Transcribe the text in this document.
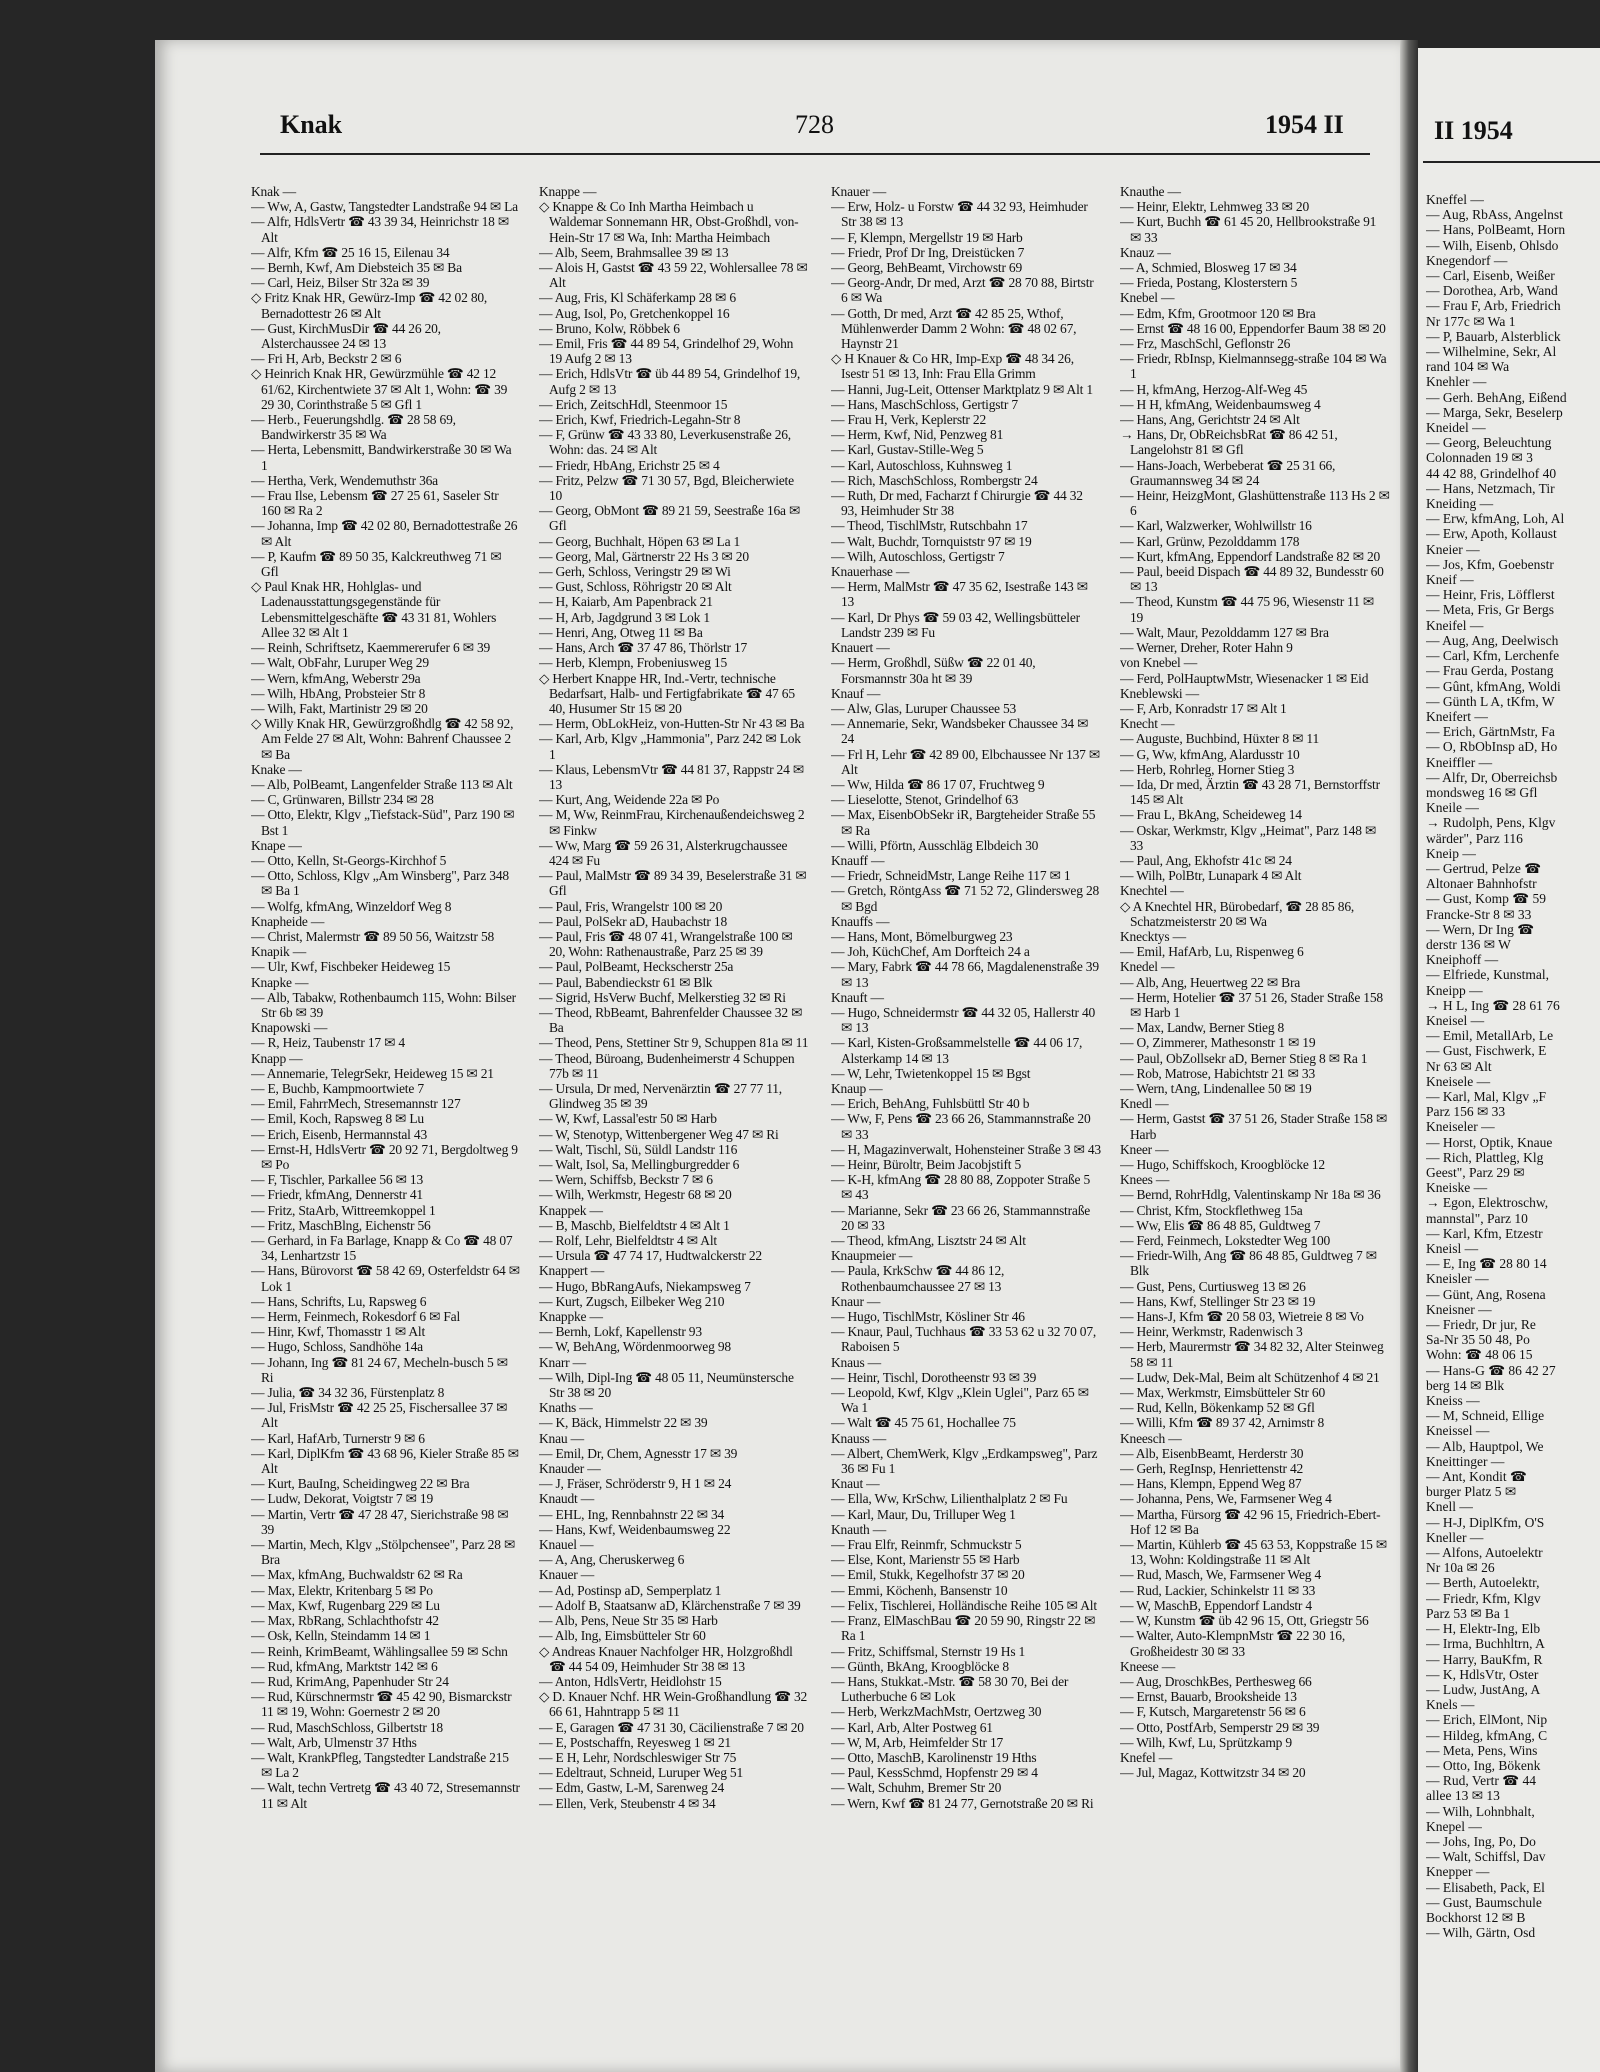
Knak	728	1954 II
Knak —
— Ww, A, Gastw, Tangstedter Landstraße 94 ✉ La
— Alfr, HdlsVertr ☎ 43 39 34, Heinrichstr 18 ✉ Alt
— Alfr, Kfm ☎ 25 16 15, Eilenau 34
— Bernh, Kwf, Am Diebsteich 35 ✉ Ba
— Carl, Heiz, Bilser Str 32a ✉ 39
◇ Fritz Knak HR, Gewürz-Imp ☎ 42 02 80, Bernadottestr 26 ✉ Alt
— Gust, KirchMusDir ☎ 44 26 20, Alsterchaussee 24 ✉ 13
— Fri H, Arb, Beckstr 2 ✉ 6
◇ Heinrich Knak HR, Gewürzmühle ☎ 42 12 61/62, Kirchentwiete 37 ✉ Alt 1, Wohn: ☎ 39 29 30, Corinthstraße 5 ✉ Gfl 1
— Herb., Feuerungshdlg. ☎ 28 58 69, Bandwirkerstr 35 ✉ Wa
— Herta, Lebensmitt, Bandwirkerstraße 30 ✉ Wa 1
— Hertha, Verk, Wendemuthstr 36a
— Frau Ilse, Lebensm ☎ 27 25 61, Saseler Str 160 ✉ Ra 2
— Johanna, Imp ☎ 42 02 80, Bernadottestraße 26 ✉ Alt
— P, Kaufm ☎ 89 50 35, Kalckreuthweg 71 ✉ Gfl
◇ Paul Knak HR, Hohlglas- und Ladenausstattungsgegenstände für Lebensmittelgeschäfte ☎ 43 31 81, Wohlers Allee 32 ✉ Alt 1
— Reinh, Schriftsetz, Kaemmererufer 6 ✉ 39
— Walt, ObFahr, Luruper Weg 29
— Wern, kfmAng, Weberstr 29a
— Wilh, HbAng, Probsteier Str 8
— Wilh, Fakt, Martinistr 29 ✉ 20
◇ Willy Knak HR, Gewürzgroßhdlg ☎ 42 58 92, Am Felde 27 ✉ Alt, Wohn: Bahrenf Chaussee 2 ✉ Ba
Knake —
— Alb, PolBeamt, Langenfelder Straße 113 ✉ Alt
— C, Grünwaren, Billstr 234 ✉ 28
— Otto, Elektr, Klgv „Tiefstack-Süd", Parz 190 ✉ Bst 1
Knape —
— Otto, Kelln, St-Georgs-Kirchhof 5
— Otto, Schloss, Klgv „Am Winsberg", Parz 348 ✉ Ba 1
— Wolfg, kfmAng, Winzeldorf Weg 8
Knapheide —
— Christ, Malermstr ☎ 89 50 56, Waitzstr 58
Knapik —
— Ulr, Kwf, Fischbeker Heideweg 15
Knapke —
— Alb, Tabakw, Rothenbaumch 115, Wohn: Bilser Str 6b ✉ 39
Knapowski —
— R, Heiz, Taubenstr 17 ✉ 4
Knapp —
— Annemarie, TelegrSekr, Heideweg 15 ✉ 21
— E, Buchb, Kampmoortwiete 7
— Emil, FahrrMech, Stresemannstr 127
— Emil, Koch, Rapsweg 8 ✉ Lu
— Erich, Eisenb, Hermannstal 43
— Ernst-H, HdlsVertr ☎ 20 92 71, Bergdoltweg 9 ✉ Po
— F, Tischler, Parkallee 56 ✉ 13
— Friedr, kfmAng, Dennerstr 41
— Fritz, StaArb, Wittreemkoppel 1
— Fritz, MaschBlng, Eichenstr 56
— Gerhard, in Fa Barlage, Knapp & Co ☎ 48 07 34, Lenhartzstr 15
— Hans, Bürovorst ☎ 58 42 69, Osterfeldstr 64 ✉ Lok 1
— Hans, Schrifts, Lu, Rapsweg 6
— Herm, Feinmech, Rokesdorf 6 ✉ Fal
— Hinr, Kwf, Thomasstr 1 ✉ Alt
— Hugo, Schloss, Sandhöhe 14a
— Johann, Ing ☎ 81 24 67, Mecheln-busch 5 ✉ Ri
— Julia, ☎ 34 32 36, Fürstenplatz 8
— Jul, FrisMstr ☎ 42 25 25, Fischersallee 37 ✉ Alt
— Karl, HafArb, Turnerstr 9 ✉ 6
— Karl, DiplKfm ☎ 43 68 96, Kieler Straße 85 ✉ Alt
— Kurt, BauIng, Scheidingweg 22 ✉ Bra
— Ludw, Dekorat, Voigtstr 7 ✉ 19
— Martin, Vertr ☎ 47 28 47, Sierichstraße 98 ✉ 39
— Martin, Mech, Klgv „Stölpchensee", Parz 28 ✉ Bra
— Max, kfmAng, Buchwaldstr 62 ✉ Ra
— Max, Elektr, Kritenbarg 5 ✉ Po
— Max, Kwf, Rugenbarg 229 ✉ Lu
— Max, RbRang, Schlachthofstr 42
— Osk, Kelln, Steindamm 14 ✉ 1
— Reinh, KrimBeamt, Wählingsallee 59 ✉ Schn
— Rud, kfmAng, Marktstr 142 ✉ 6
— Rud, KrimAng, Papenhuder Str 24
— Rud, Kürschnermstr ☎ 45 42 90, Bismarckstr 11 ✉ 19, Wohn: Goernestr 2 ✉ 20
— Rud, MaschSchloss, Gilbertstr 18
— Walt, Arb, Ulmenstr 37 Hths
— Walt, KrankPfleg, Tangstedter Landstraße 215 ✉ La 2
— Walt, techn Vertretg ☎ 43 40 72, Stresemannstr 11 ✉ Alt
Knappe —
◇ Knappe & Co Inh Martha Heimbach u Waldemar Sonnemann HR, Obst-Großhdl, von-Hein-Str 17 ✉ Wa, Inh: Martha Heimbach
— Alb, Seem, Brahmsallee 39 ✉ 13
— Alois H, Gastst ☎ 43 59 22, Wohlersallee 78 ✉ Alt
— Aug, Fris, Kl Schäferkamp 28 ✉ 6
— Aug, Isol, Po, Gretchenkoppel 16
— Bruno, Kolw, Röbbek 6
— Emil, Fris ☎ 44 89 54, Grindelhof 29, Wohn 19 Aufg 2 ✉ 13
— Erich, HdlsVtr ☎ üb 44 89 54, Grindelhof 19, Aufg 2 ✉ 13
— Erich, ZeitschHdl, Steenmoor 15
— Erich, Kwf, Friedrich-Legahn-Str 8
— F, Grünw ☎ 43 33 80, Leverkusenstraße 26, Wohn: das. 24 ✉ Alt
— Friedr, HbAng, Erichstr 25 ✉ 4
— Fritz, Pelzw ☎ 71 30 57, Bgd, Bleicherwiete 10
— Georg, ObMont ☎ 89 21 59, Seestraße 16a ✉ Gfl
— Georg, Buchhalt, Höpen 63 ✉ La 1
— Georg, Mal, Gärtnerstr 22 Hs 3 ✉ 20
— Gerh, Schloss, Veringstr 29 ✉ Wi
— Gust, Schloss, Röhrigstr 20 ✉ Alt
— H, Kaiarb, Am Papenbrack 21
— H, Arb, Jagdgrund 3 ✉ Lok 1
— Henri, Ang, Otweg 11 ✉ Ba
— Hans, Arch ☎ 37 47 86, Thörlstr 17
— Herb, Klempn, Frobeniusweg 15
◇ Herbert Knappe HR, Ind.-Vertr, technische Bedarfsart, Halb- und Fertigfabrikate ☎ 47 65 40, Husumer Str 15 ✉ 20
— Herm, ObLokHeiz, von-Hutten-Str Nr 43 ✉ Ba
— Karl, Arb, Klgv „Hammonia", Parz 242 ✉ Lok 1
— Klaus, LebensmVtr ☎ 44 81 37, Rappstr 24 ✉ 13
— Kurt, Ang, Weidende 22a ✉ Po
— M, Ww, ReinmFrau, Kirchenaußendeichsweg 2 ✉ Finkw
— Ww, Marg ☎ 59 26 31, Alsterkrugchaussee 424 ✉ Fu
— Paul, MalMstr ☎ 89 34 39, Beselerstraße 31 ✉ Gfl
— Paul, Fris, Wrangelstr 100 ✉ 20
— Paul, PolSekr aD, Haubachstr 18
— Paul, Fris ☎ 48 07 41, Wrangelstraße 100 ✉ 20, Wohn: Rathenaustraße, Parz 25 ✉ 39
— Paul, PolBeamt, Heckscherstr 25a
— Paul, Babendieckstr 61 ✉ Blk
— Sigrid, HsVerw Buchf, Melkerstieg 32 ✉ Ri
— Theod, RbBeamt, Bahrenfelder Chaussee 32 ✉ Ba
— Theod, Pens, Stettiner Str 9, Schuppen 81a ✉ 11
— Theod, Büroang, Budenheimerstr 4 Schuppen 77b ✉ 11
— Ursula, Dr med, Nervenärztin ☎ 27 77 11, Glindweg 35 ✉ 39
— W, Kwf, Lassal'estr 50 ✉ Harb
— W, Stenotyp, Wittenbergener Weg 47 ✉ Ri
— Walt, Tischl, Sü, Süldl Landstr 116
— Walt, Isol, Sa, Mellingburgredder 6
— Wern, Schiffsb, Beckstr 7 ✉ 6
— Wilh, Werkmstr, Hegestr 68 ✉ 20
Knappek —
— B, Maschb, Bielfeldtstr 4 ✉ Alt 1
— Rolf, Lehr, Bielfeldtstr 4 ✉ Alt
— Ursula ☎ 47 74 17, Hudtwalckerstr 22
Knappert —
— Hugo, BbRangAufs, Niekampsweg 7
— Kurt, Zugsch, Eilbeker Weg 210
Knappke —
— Bernh, Lokf, Kapellenstr 93
— W, BehAng, Wördenmoorweg 98
Knarr —
— Wilh, Dipl-Ing ☎ 48 05 11, Neumünstersche Str 38 ✉ 20
Knaths —
— K, Bäck, Himmelstr 22 ✉ 39
Knau —
— Emil, Dr, Chem, Agnesstr 17 ✉ 39
Knauder —
— J, Fräser, Schröderstr 9, H 1 ✉ 24
Knaudt —
— EHL, Ing, Rennbahnstr 22 ✉ 34
— Hans, Kwf, Weidenbaumsweg 22
Knauel —
— A, Ang, Cheruskerweg 6
Knauer —
— Ad, Postinsp aD, Semperplatz 1
— Adolf B, Staatsanw aD, Klärchenstraße 7 ✉ 39
— Alb, Pens, Neue Str 35 ✉ Harb
— Alb, Ing, Eimsbütteler Str 60
◇ Andreas Knauer Nachfolger HR, Holzgroßhdl ☎ 44 54 09, Heimhuder Str 38 ✉ 13
— Anton, HdlsVertr, Heidlohstr 15
◇ D. Knauer Nchf. HR Wein-Großhandlung ☎ 32 66 61, Hahntrapp 5 ✉ 11
— E, Garagen ☎ 47 31 30, Cäcilienstraße 7 ✉ 20
— E, Postschaffn, Reyesweg 1 ✉ 21
— E H, Lehr, Nordschleswiger Str 75
— Edeltraut, Schneid, Luruper Weg 51
— Edm, Gastw, L-M, Sarenweg 24
— Ellen, Verk, Steubenstr 4 ✉ 34
Knauer —
— Erw, Holz- u Forstw ☎ 44 32 93, Heimhuder Str 38 ✉ 13
— F, Klempn, Mergellstr 19 ✉ Harb
— Friedr, Prof Dr Ing, Dreistücken 7
— Georg, BehBeamt, Virchowstr 69
— Georg-Andr, Dr med, Arzt ☎ 28 70 88, Birtstr 6 ✉ Wa
— Gotth, Dr med, Arzt ☎ 42 85 25, Wthof, Mühlenwerder Damm 2 Wohn: ☎ 48 02 67, Haynstr 21
◇ H Knauer & Co HR, Imp-Exp ☎ 48 34 26, Isestr 51 ✉ 13, Inh: Frau Ella Grimm
— Hanni, Jug-Leit, Ottenser Marktplatz 9 ✉ Alt 1
— Hans, MaschSchloss, Gertigstr 7
— Frau H, Verk, Keplerstr 22
— Herm, Kwf, Nid, Penzweg 81
— Karl, Gustav-Stille-Weg 5
— Karl, Autoschloss, Kuhnsweg 1
— Rich, MaschSchloss, Rombergstr 24
— Ruth, Dr med, Facharzt f Chirurgie ☎ 44 32 93, Heimhuder Str 38
— Theod, TischlMstr, Rutschbahn 17
— Walt, Buchdr, Tornquiststr 97 ✉ 19
— Wilh, Autoschloss, Gertigstr 7
Knauerhase —
— Herm, MalMstr ☎ 47 35 62, Isestraße 143 ✉ 13
— Karl, Dr Phys ☎ 59 03 42, Wellingsbütteler Landstr 239 ✉ Fu
Knauert —
— Herm, Großhdl, Süßw ☎ 22 01 40, Forsmannstr 30a ht ✉ 39
Knauf —
— Alw, Glas, Luruper Chaussee 53
— Annemarie, Sekr, Wandsbeker Chaussee 34 ✉ 24
— Frl H, Lehr ☎ 42 89 00, Elbchaussee Nr 137 ✉ Alt
— Ww, Hilda ☎ 86 17 07, Fruchtweg 9
— Lieselotte, Stenot, Grindelhof 63
— Max, EisenbObSekr iR, Bargteheider Straße 55 ✉ Ra
— Willi, Pförtn, Ausschläg Elbdeich 30
Knauff —
— Friedr, SchneidMstr, Lange Reihe 117 ✉ 1
— Gretch, RöntgAss ☎ 71 52 72, Glindersweg 28 ✉ Bgd
Knauffs —
— Hans, Mont, Bömelburgweg 23
— Joh, KüchChef, Am Dorfteich 24 a
— Mary, Fabrk ☎ 44 78 66, Magdalenenstraße 39 ✉ 13
Knauft —
— Hugo, Schneidermstr ☎ 44 32 05, Hallerstr 40 ✉ 13
— Karl, Kisten-Großsammelstelle ☎ 44 06 17, Alsterkamp 14 ✉ 13
— W, Lehr, Twietenkoppel 15 ✉ Bgst
Knaup —
— Erich, BehAng, Fuhlsbüttl Str 40 b
— Ww, F, Pens ☎ 23 66 26, Stammannstraße 20 ✉ 33
— H, Magazinverwalt, Hohensteiner Straße 3 ✉ 43
— Heinr, Büroltr, Beim Jacobjstift 5
— K-H, kfmAng ☎ 28 80 88, Zoppoter Straße 5 ✉ 43
— Marianne, Sekr ☎ 23 66 26, Stammannstraße 20 ✉ 33
— Theod, kfmAng, Lisztstr 24 ✉ Alt
Knaupmeier —
— Paula, KrkSchw ☎ 44 86 12, Rothenbaumchaussee 27 ✉ 13
Knaur —
— Hugo, TischlMstr, Kösliner Str 46
— Knaur, Paul, Tuchhaus ☎ 33 53 62 u 32 70 07, Raboisen 5
Knaus —
— Heinr, Tischl, Dorotheenstr 93 ✉ 39
— Leopold, Kwf, Klgv „Klein Uglei", Parz 65 ✉ Wa 1
— Walt ☎ 45 75 61, Hochallee 75
Knauss —
— Albert, ChemWerk, Klgv „Erdkampsweg", Parz 36 ✉ Fu 1
Knaut —
— Ella, Ww, KrSchw, Lilienthalplatz 2 ✉ Fu
— Karl, Maur, Du, Trilluper Weg 1
Knauth —
— Frau Elfr, Reinmfr, Schmuckstr 5
— Else, Kont, Marienstr 55 ✉ Harb
— Emil, Stukk, Kegelhofstr 37 ✉ 20
— Emmi, Köchenh, Bansenstr 10
— Felix, Tischlerei, Holländische Reihe 105 ✉ Alt
— Franz, ElMaschBau ☎ 20 59 90, Ringstr 22 ✉ Ra 1
— Fritz, Schiffsmal, Sternstr 19 Hs 1
— Günth, BkAng, Kroogblöcke 8
— Hans, Stukkat.-Mstr. ☎ 58 30 70, Bei der Lutherbuche 6 ✉ Lok
— Herb, WerkzMachMstr, Oertzweg 30
— Karl, Arb, Alter Postweg 61
— W, M, Arb, Heimfelder Str 17
— Otto, MaschB, Karolinenstr 19 Hths
— Paul, KessSchmd, Hopfenstr 29 ✉ 4
— Walt, Schuhm, Bremer Str 20
— Wern, Kwf ☎ 81 24 77, Gernotstraße 20 ✉ Ri
Knauthe —
— Heinr, Elektr, Lehmweg 33 ✉ 20
— Kurt, Buchh ☎ 61 45 20, Hellbrookstraße 91 ✉ 33
Knauz —
— A, Schmied, Blosweg 17 ✉ 34
— Frieda, Postang, Klosterstern 5
Knebel —
— Edm, Kfm, Grootmoor 120 ✉ Bra
— Ernst ☎ 48 16 00, Eppendorfer Baum 38 ✉ 20
— Frz, MaschSchl, Geflonstr 26
— Friedr, RbInsp, Kielmannsegg-straße 104 ✉ Wa 1
— H, kfmAng, Herzog-Alf-Weg 45
— H H, kfmAng, Weidenbaumsweg 4
— Hans, Ang, Gerichtstr 24 ✉ Alt
→ Hans, Dr, ObReichsbRat ☎ 86 42 51, Langelohstr 81 ✉ Gfl
— Hans-Joach, Werbeberat ☎ 25 31 66, Graumannsweg 34 ✉ 24
— Heinr, HeizgMont, Glashüttenstraße 113 Hs 2 ✉ 6
— Karl, Walzwerker, Wohlwillstr 16
— Karl, Grünw, Pezolddamm 178
— Kurt, kfmAng, Eppendorf Landstraße 82 ✉ 20
— Paul, beeid Dispach ☎ 44 89 32, Bundesstr 60 ✉ 13
— Theod, Kunstm ☎ 44 75 96, Wiesenstr 11 ✉ 19
— Walt, Maur, Pezolddamm 127 ✉ Bra
— Werner, Dreher, Roter Hahn 9
von Knebel —
— Ferd, PolHauptwMstr, Wiesenacker 1 ✉ Eid
Kneblewski —
— F, Arb, Konradstr 17 ✉ Alt 1
Knecht —
— Auguste, Buchbind, Hüxter 8 ✉ 11
— G, Ww, kfmAng, Alardusstr 10
— Herb, Rohrleg, Horner Stieg 3
— Ida, Dr med, Ärztin ☎ 43 28 71, Bernstorffstr 145 ✉ Alt
— Frau L, BkAng, Scheideweg 14
— Oskar, Werkmstr, Klgv „Heimat", Parz 148 ✉ 33
— Paul, Ang, Ekhofstr 41c ✉ 24
— Wilh, PolBtr, Lunapark 4 ✉ Alt
Knechtel —
◇ A Knechtel HR, Bürobedarf, ☎ 28 85 86, Schatzmeisterstr 20 ✉ Wa
Knecktys —
— Emil, HafArb, Lu, Rispenweg 6
Knedel —
— Alb, Ang, Heuertweg 22 ✉ Bra
— Herm, Hotelier ☎ 37 51 26, Stader Straße 158 ✉ Harb 1
— Max, Landw, Berner Stieg 8
— O, Zimmerer, Mathesonstr 1 ✉ 19
— Paul, ObZollsekr aD, Berner Stieg 8 ✉ Ra 1
— Rob, Matrose, Habichtstr 21 ✉ 33
— Wern, tAng, Lindenallee 50 ✉ 19
Knedl —
— Herm, Gastst ☎ 37 51 26, Stader Straße 158 ✉ Harb
Kneer —
— Hugo, Schiffskoch, Kroogblöcke 12
Knees —
— Bernd, RohrHdlg, Valentinskamp Nr 18a ✉ 36
— Christ, Kfm, Stockflethweg 15a
— Ww, Elis ☎ 86 48 85, Guldtweg 7
— Ferd, Feinmech, Lokstedter Weg 100
— Friedr-Wilh, Ang ☎ 86 48 85, Guldtweg 7 ✉ Blk
— Gust, Pens, Curtiusweg 13 ✉ 26
— Hans, Kwf, Stellinger Str 23 ✉ 19
— Hans-J, Kfm ☎ 20 58 03, Wietreie 8 ✉ Vo
— Heinr, Werkmstr, Radenwisch 3
— Herb, Maurermstr ☎ 34 82 32, Alter Steinweg 58 ✉ 11
— Ludw, Dek-Mal, Beim alt Schützenhof 4 ✉ 21
— Max, Werkmstr, Eimsbütteler Str 60
— Rud, Kelln, Bökenkamp 52 ✉ Gfl
— Willi, Kfm ☎ 89 37 42, Arnimstr 8
Kneesch —
— Alb, EisenbBeamt, Herderstr 30
— Gerh, RegInsp, Henriettenstr 42
— Hans, Klempn, Eppend Weg 87
— Johanna, Pens, We, Farmsener Weg 4
— Martha, Fürsorg ☎ 42 96 15, Friedrich-Ebert-Hof 12 ✉ Ba
— Martin, Kühlerb ☎ 45 63 53, Koppstraße 15 ✉ 13, Wohn: Koldingstraße 11 ✉ Alt
— Rud, Masch, We, Farmsener Weg 4
— Rud, Lackier, Schinkelstr 11 ✉ 33
— W, MaschB, Eppendorf Landstr 4
— W, Kunstm ☎ üb 42 96 15, Ott, Griegstr 56
— Walter, Auto-KlempnMstr ☎ 22 30 16, Großheidestr 30 ✉ 33
Kneese —
— Aug, DroschkBes, Perthesweg 66
— Ernst, Bauarb, Brooksheide 13
— F, Kutsch, Margaretenstr 56 ✉ 6
— Otto, PostfArb, Semperstr 29 ✉ 39
— Wilh, Kwf, Lu, Sprützkamp 9
Knefel —
— Jul, Magaz, Kottwitzstr 34 ✉ 20
II 1954
Kneffel —
— Aug, RbAss, Angelnst
— Hans, PolBeamt, Horn
— Wilh, Eisenb, Ohlsdo
Knegendorf —
— Carl, Eisenb, Weißer
— Dorothea, Arb, Wand
— Frau F, Arb, Friedrich
Nr 177c ✉ Wa 1
— P, Bauarb, Alsterblick
— Wilhelmine, Sekr, Al
rand 104 ✉ Wa
Knehler —
— Gerh. BehAng, Eißend
— Marga, Sekr, Beselerp
Kneidel —
— Georg, Beleuchtung
Colonnaden 19 ✉ 3
44 42 88, Grindelhof 40
— Hans, Netzmach, Tir
Kneiding —
— Erw, kfmAng, Loh, Al
— Erw, Apoth, Kollaust
Kneier —
— Jos, Kfm, Goebenstr
Kneif —
— Heinr, Fris, Löfflerst
— Meta, Fris, Gr Bergs
Kneifel —
— Aug, Ang, Deelwisch
— Carl, Kfm, Lerchenfe
— Frau Gerda, Postang
— Gûnt, kfmAng, Woldi
— Günth L A, tKfm, W
Kneifert —
— Erich, GärtnMstr, Fa
— O, RbObInsp aD, Ho
Kneiffler —
— Alfr, Dr, Oberreichsb
mondsweg 16 ✉ Gfl
Kneile —
→ Rudolph, Pens, Klgv
wärder", Parz 116
Kneip —
— Gertrud, Pelze ☎
Altonaer Bahnhofstr
— Gust, Komp ☎ 59
Francke-Str 8 ✉ 33
— Wern, Dr Ing ☎
derstr 136 ✉ W
Kneiphoff —
— Elfriede, Kunstmal,
Kneipp —
→ H L, Ing ☎ 28 61 76
Kneisel —
— Emil, MetallArb, Le
— Gust, Fischwerk, E
Nr 63 ✉ Alt
Kneisele —
— Karl, Mal, Klgv „F
Parz 156 ✉ 33
Kneiseler —
— Horst, Optik, Knaue
— Rich, Plattleg, Klg
Geest", Parz 29 ✉
Kneiske —
→ Egon, Elektroschw,
mannstal", Parz 10
— Karl, Kfm, Etzestr
Kneisl —
— E, Ing ☎ 28 80 14
Kneisler —
— Günt, Ang, Rosena
Kneisner —
— Friedr, Dr jur, Re
Sa-Nr 35 50 48, Po
Wohn: ☎ 48 06 15
— Hans-G ☎ 86 42 27
berg 14 ✉ Blk
Kneiss —
— M, Schneid, Ellige
Kneissel —
— Alb, Hauptpol, We
Kneittinger —
— Ant, Kondit ☎
burger Platz 5 ✉
Knell —
— H-J, DiplKfm, O'S
Kneller —
— Alfons, Autoelektr
Nr 10a ✉ 26
— Berth, Autoelektr,
— Friedr, Kfm, Klgv
Parz 53 ✉ Ba 1
— H, Elektr-Ing, Elb
— Irma, Buchhltrn, A
— Harry, BauKfm, R
— K, HdlsVtr, Oster
— Ludw, JustAng, A
Knels —
— Erich, ElMont, Nip
— Hildeg, kfmAng, C
— Meta, Pens, Wins
— Otto, Ing, Bökenk
— Rud, Vertr ☎ 44
allee 13 ✉ 13
— Wilh, Lohnbhalt,
Knepel —
— Johs, Ing, Po, Do
— Walt, Schiffsl, Dav
Knepper —
— Elisabeth, Pack, El
— Gust, Baumschule
Bockhorst 12 ✉ B
— Wilh, Gärtn, Osd
